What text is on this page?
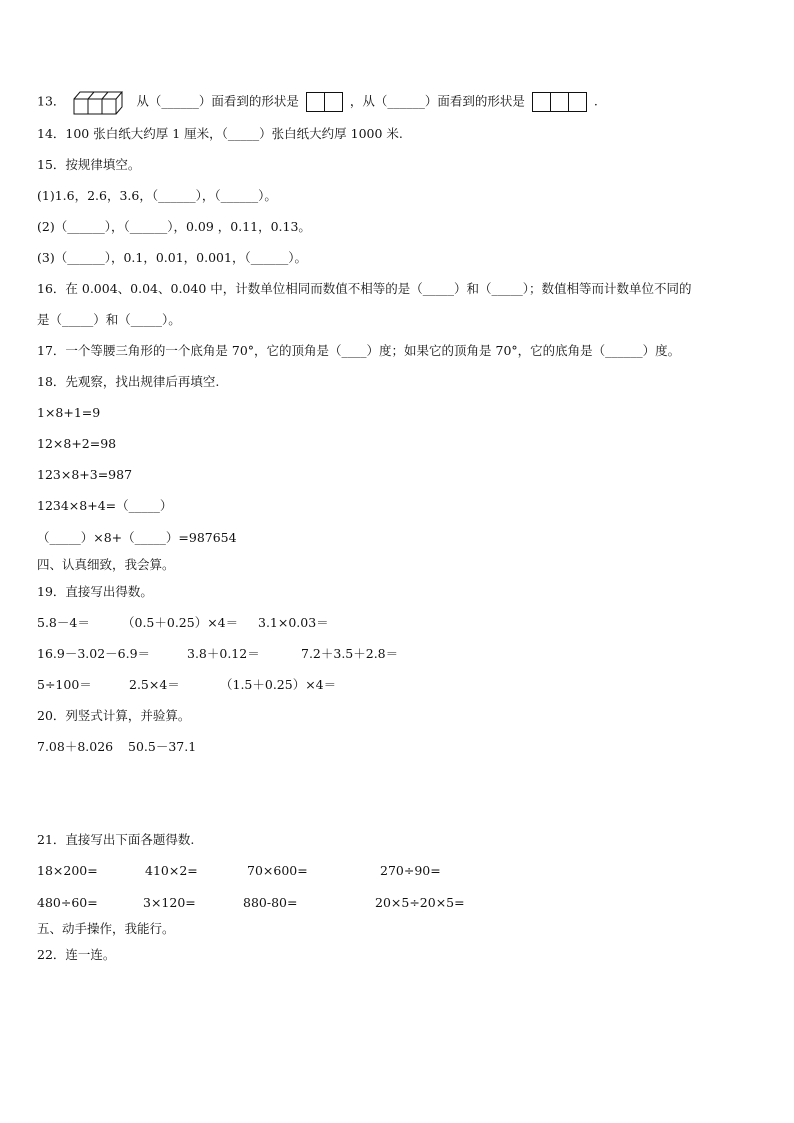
13．	从（______）面看到的形状是	，从（______）面看到的形状是	.
14．100 张白纸大约厚 1 厘米，（_____）张白纸大约厚 1000 米.
15．按规律填空。
(1)1.6，2.6，3.6，（______），（______）。
(2)（______），（______），0.09 ，0.11，0.13。
(3)（______），0.1，0.01，0.001，（______）。
16．在 0.004、0.04、0.040 中，计数单位相同而数值不相等的是（_____）和（_____）；数值相等而计数单位不同的
是（_____）和（_____）。
17．一个等腰三角形的一个底角是 70°，它的顶角是（____）度；如果它的顶角是 70°，它的底角是（______）度。
18．先观察，找出规律后再填空.
1×8+1=9
12×8+2=98
123×8+3=987
1234×8+4=（_____）
（_____）×8+（_____）=987654
四、认真细致，我会算。
19．直接写出得数。
5.8－4＝	（0.5＋0.25）×4＝ 3.1×0.03＝
16.9－3.02－6.9＝	3.8＋0.12＝	7.2＋3.5＋2.8＝
5÷100＝	2.5×4＝	（1.5＋0.25）×4＝
20．列竖式计算，并验算。
7.08＋8.026 50.5－37.1
21．直接写出下面各题得数.
18×200=	410×2=	70×600=	270÷90=
480÷60=	3×120=	880-80=	20×5÷20×5=
五、动手操作，我能行。
22．连一连。
